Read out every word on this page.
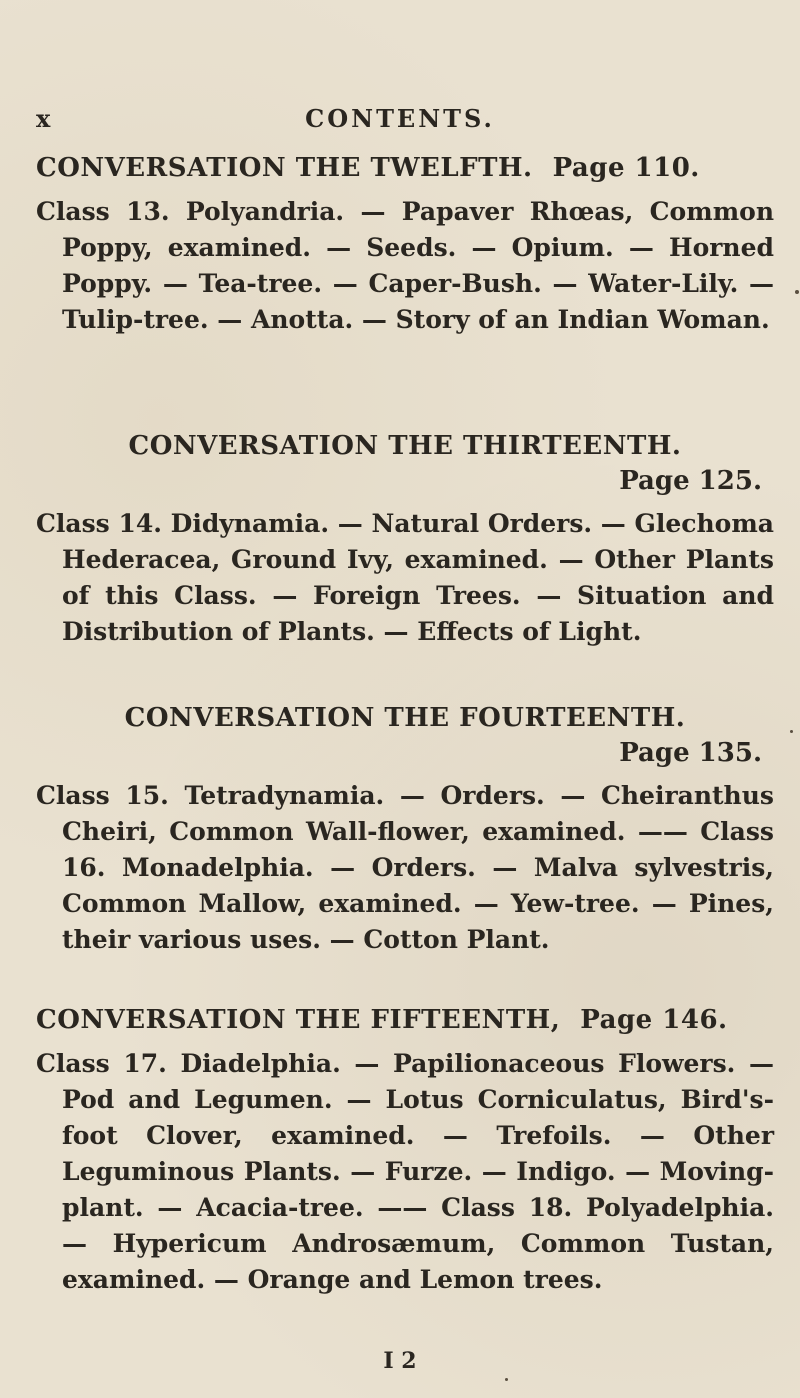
x	CONTENTS.
CONVERSATION THE TWELFTH. Page 110.

Class 13. Polyandria. — Papaver Rhœas, Common Poppy, examined. — Seeds. — Opium. — Horned Poppy. — Tea-tree. — Caper-Bush. — Water-Lily. — Tulip-tree. — Anotta. — Story of an Indian Woman.

CONVERSATION THE THIRTEENTH.
Page 125.

Class 14. Didynamia. — Natural Orders. — Glechoma Hederacea, Ground Ivy, examined. — Other Plants of this Class. — Foreign Trees. — Situation and Distribution of Plants. — Effects of Light.

CONVERSATION THE FOURTEENTH.
Page 135.

Class 15. Tetradynamia. — Orders. — Cheiranthus Cheiri, Common Wall-flower, examined. —— Class 16. Monadelphia. — Orders. — Malva sylvestris, Common Mallow, examined. — Yew-tree. — Pines, their various uses. — Cotton Plant.

CONVERSATION THE FIFTEENTH, Page 146.

Class 17. Diadelphia. — Papilionaceous Flowers. — Pod and Legumen. — Lotus Corniculatus, Bird's-foot Clover, examined. — Trefoils. — Other Leguminous Plants. — Furze. — Indigo. — Moving-plant. — Acacia-tree. —— Class 18. Polyadelphia. — Hypericum Androsæmum, Common Tustan, examined. — Orange and Lemon trees.

I 2
